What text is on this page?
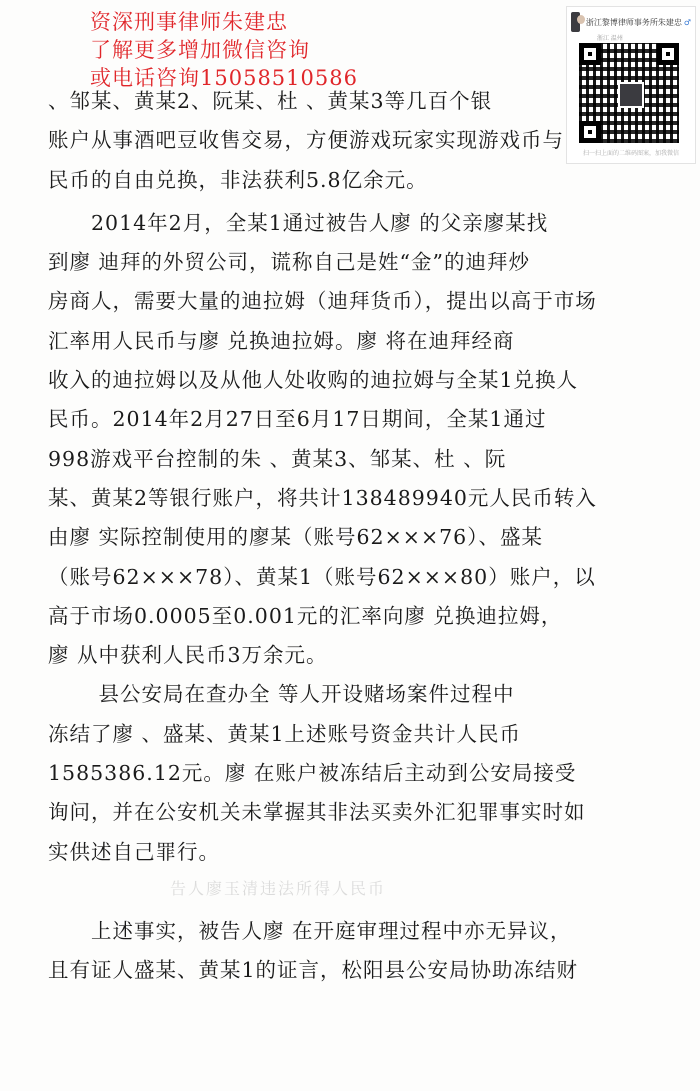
资深刑事律师朱建忠
了解更多增加微信咨询
或电话咨询15058510586
浙江黎博律师事务所朱建忠 ♂
浙江 温州
扫一扫上面的二维码图案，加我微信
告人廖玉清违法所得人民币
、邹某、黄某2、阮某、杜 、黄某3等几百个银
账户从事酒吧豆收售交易，方便游戏玩家实现游戏币与
民币的自由兑换，非法获利5.8亿余元。
　　2014年2月，全某1通过被告人廖 的父亲廖某找
到廖 迪拜的外贸公司，谎称自己是姓“金”的迪拜炒
房商人，需要大量的迪拉姆（迪拜货币），提出以高于市场
汇率用人民币与廖 兑换迪拉姆。廖 将在迪拜经商
收入的迪拉姆以及从他人处收购的迪拉姆与全某1兑换人
民币。2014年2月27日至6月17日期间，全某1通过
998游戏平台控制的朱 、黄某3、邹某、杜 、阮
某、黄某2等银行账户，将共计138489940元人民币转入
由廖 实际控制使用的廖某（账号62×××76）、盛某
（账号62×××78）、黄某1（账号62×××80）账户，以
高于市场0.0005至0.001元的汇率向廖 兑换迪拉姆，
廖 从中获利人民币3万余元。
　　 县公安局在查办全 等人开设赌场案件过程中
冻结了廖 、盛某、黄某1上述账号资金共计人民币
1585386.12元。廖 在账户被冻结后主动到公安局接受
询问，并在公安机关未掌握其非法买卖外汇犯罪事实时如
实供述自己罪行。
　　上述事实，被告人廖 在开庭审理过程中亦无异议，
且有证人盛某、黄某1的证言，松阳县公安局协助冻结财
